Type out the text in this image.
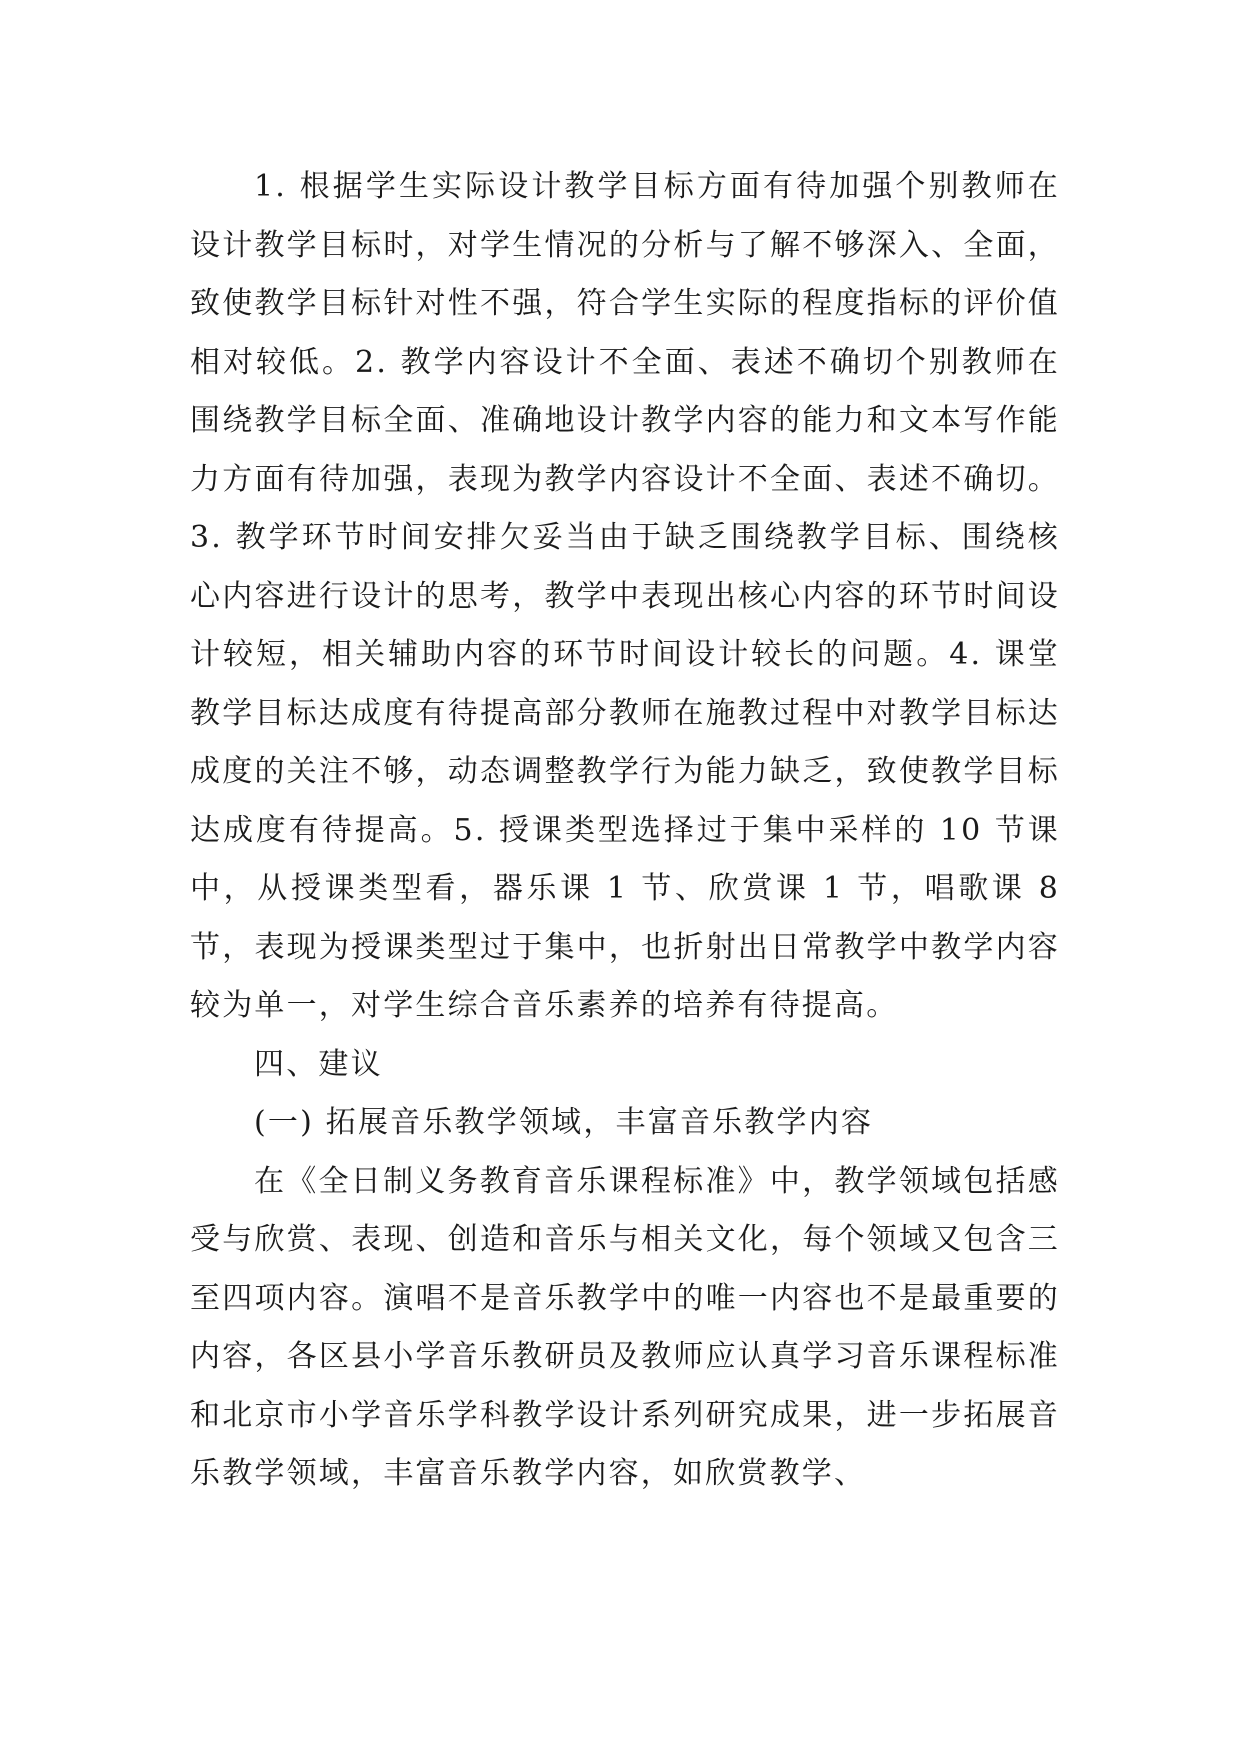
1. 根据学生实际设计教学目标方面有待加强个别教师在设计教学目标时，对学生情况的分析与了解不够深入、全面，致使教学目标针对性不强，符合学生实际的程度指标的评价值相对较低。2. 教学内容设计不全面、表述不确切个别教师在围绕教学目标全面、准确地设计教学内容的能力和文本写作能力方面有待加强，表现为教学内容设计不全面、表述不确切。3. 教学环节时间安排欠妥当由于缺乏围绕教学目标、围绕核心内容进行设计的思考，教学中表现出核心内容的环节时间设计较短，相关辅助内容的环节时间设计较长的问题。4. 课堂教学目标达成度有待提高部分教师在施教过程中对教学目标达成度的关注不够，动态调整教学行为能力缺乏，致使教学目标达成度有待提高。5. 授课类型选择过于集中采样的 10 节课中，从授课类型看，器乐课 1 节、欣赏课 1 节，唱歌课 8 节，表现为授课类型过于集中，也折射出日常教学中教学内容较为单一，对学生综合音乐素养的培养有待提高。

四、建议

(一) 拓展音乐教学领域，丰富音乐教学内容

在《全日制义务教育音乐课程标准》中，教学领域包括感受与欣赏、表现、创造和音乐与相关文化，每个领域又包含三至四项内容。演唱不是音乐教学中的唯一内容也不是最重要的内容，各区县小学音乐教研员及教师应认真学习音乐课程标准和北京市小学音乐学科教学设计系列研究成果，进一步拓展音乐教学领域，丰富音乐教学内容，如欣赏教学、
